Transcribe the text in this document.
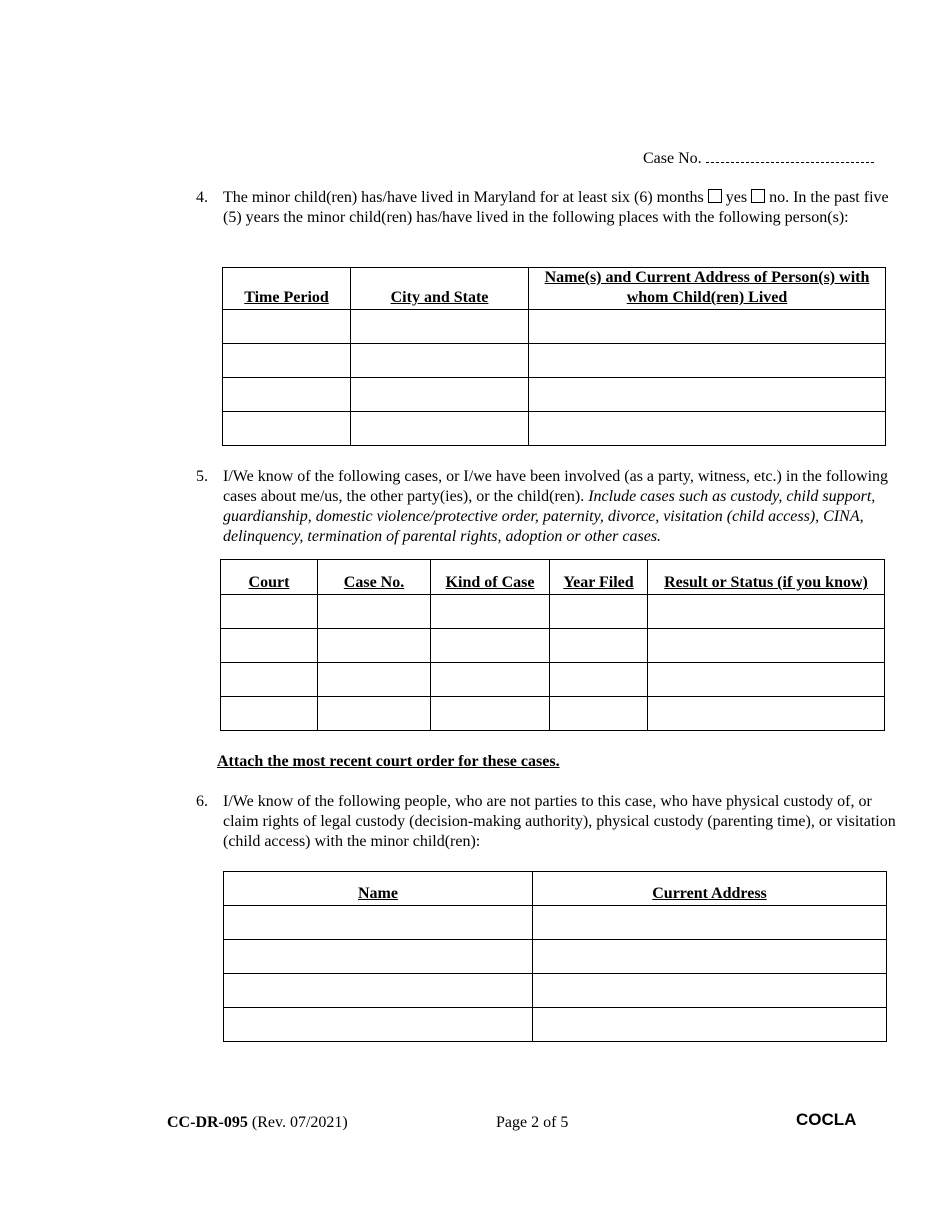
Case No.
4. The minor child(ren) has/have lived in Maryland for at least six (6) months yes no. In the past five (5) years the minor child(ren) has/have lived in the following places with the following person(s):
Time Period	City and State	Name(s) and Current Address of Person(s) with whom Child(ren) Lived

5. I/We know of the following cases, or I/we have been involved (as a party, witness, etc.) in the following cases about me/us, the other party(ies), or the child(ren). Include cases such as custody, child support, guardianship, domestic violence/protective order, paternity, divorce, visitation (child access), CINA, delinquency, termination of parental rights, adoption or other cases.
Court	Case No.	Kind of Case	Year Filed	Result or Status (if you know)

Attach the most recent court order for these cases.
6. I/We know of the following people, who are not parties to this case, who have physical custody of, or claim rights of legal custody (decision-making authority), physical custody (parenting time), or visitation (child access) with the minor child(ren):
Name	Current Address

CC-DR-095 (Rev. 07/2021)	Page 2 of 5	COCLA
